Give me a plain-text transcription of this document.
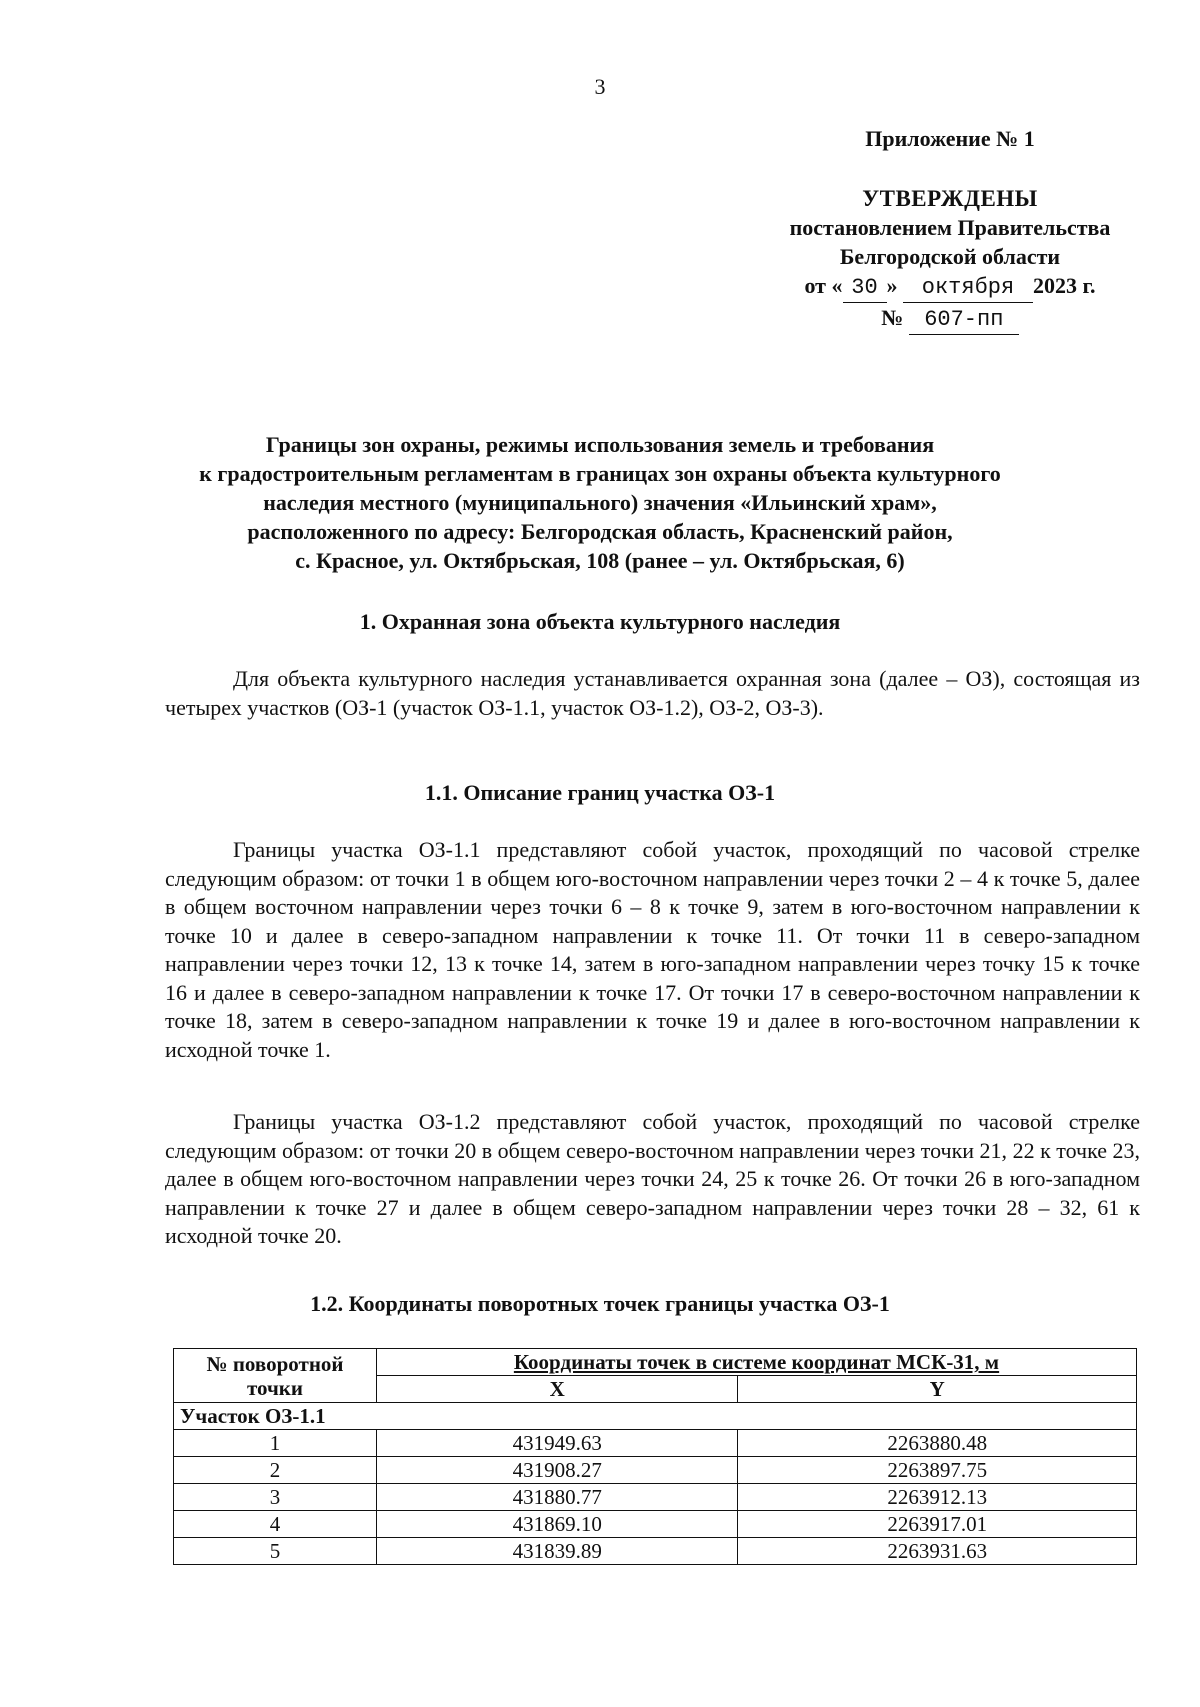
3
Приложение № 1
УТВЕРЖДЕНЫ
постановлением Правительства
Белгородской области
от « 30 » октября 2023 г.
№ 607-пп
Границы зон охраны, режимы использования земель и требования
к градостроительным регламентам в границах зон охраны объекта культурного
наследия местного (муниципального) значения «Ильинский храм»,
расположенного по адресу: Белгородская область, Красненский район,
с. Красное, ул. Октябрьская, 108 (ранее – ул. Октябрьская, 6)
1. Охранная зона объекта культурного наследия
Для объекта культурного наследия устанавливается охранная зона (далее – ОЗ), состоящая из четырех участков (ОЗ-1 (участок ОЗ-1.1, участок ОЗ-1.2), ОЗ-2, ОЗ-3).
1.1. Описание границ участка ОЗ-1
Границы участка ОЗ-1.1 представляют собой участок, проходящий по часовой стрелке следующим образом: от точки 1 в общем юго-восточном направлении через точки 2 – 4 к точке 5, далее в общем восточном направлении через точки 6 – 8 к точке 9, затем в юго-восточном направлении к точке 10 и далее в северо-западном направлении к точке 11. От точки 11 в северо-западном направлении через точки 12, 13 к точке 14, затем в юго-западном направлении через точку 15 к точке 16 и далее в северо-западном направлении к точке 17. От точки 17 в северо-восточном направлении к точке 18, затем в северо-западном направлении к точке 19 и далее в юго-восточном направлении к исходной точке 1.
Границы участка ОЗ-1.2 представляют собой участок, проходящий по часовой стрелке следующим образом: от точки 20 в общем северо-восточном направлении через точки 21, 22 к точке 23, далее в общем юго-восточном направлении через точки 24, 25 к точке 26. От точки 26 в юго-западном направлении к точке 27 и далее в общем северо-западном направлении через точки 28 – 32, 61 к исходной точке 20.
1.2. Координаты поворотных точек границы участка ОЗ-1
№ поворотной точки	Координаты точек в системе координат МСК-31, м	
	X	Y
Участок ОЗ-1.1		
1	431949.63	2263880.48
2	431908.27	2263897.75
3	431880.77	2263912.13
4	431869.10	2263917.01
5	431839.89	2263931.63
